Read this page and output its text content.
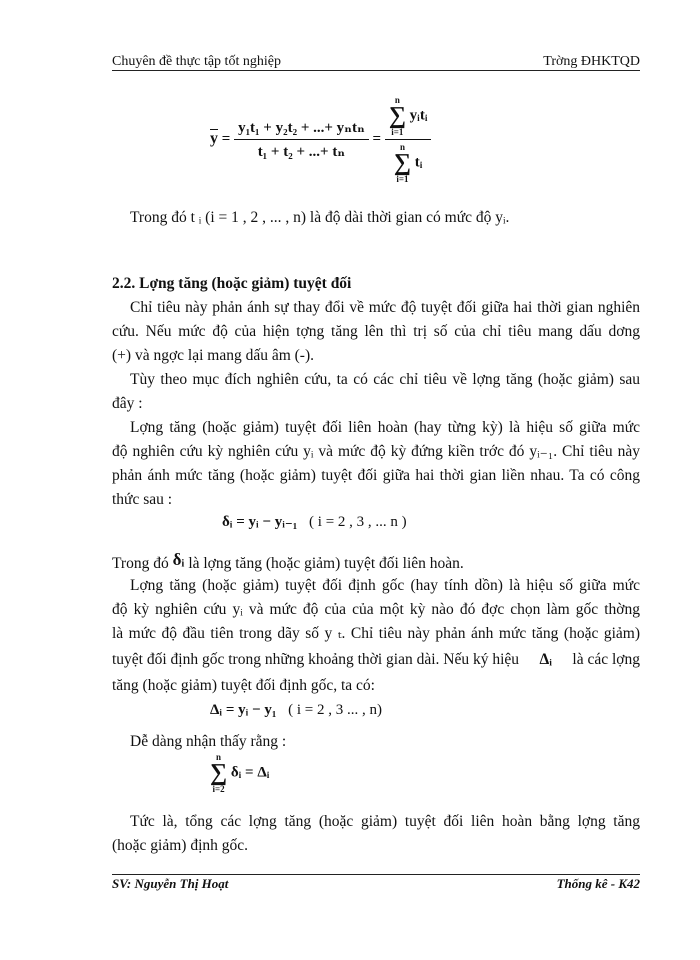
Chuyên đề thực tập tốt nghiệp	Trờng ĐHKTQD
$\overline{y} = \frac{\text{y₁t₁ + y₂t₂ + ...+ yₙtₙ}}{\text{t₁ + t₂ + ...+ tₙ}} = n$
∑
i=1
yᵢtᵢ
n
∑
i=1
tᵢ
Trong đó t ᵢ (i = 1 , 2 , ... , n) là độ dài thời gian có mức độ yᵢ.
2.2. Lợng tăng (hoặc giảm) tuyệt đối
Chỉ tiêu này phản ánh sự thay đổi về mức độ tuyệt đối giữa hai thời gian nghiên
cứu. Nếu mức độ của hiện tợng tăng lên thì trị số của chỉ tiêu mang dấu dơng
(+) và ngợc lại mang dấu âm (-).
Tùy theo mục đích nghiên cứu, ta có các chỉ tiêu về lợng tăng (hoặc giảm) sau
đây :
Lợng tăng (hoặc giảm) tuyệt đối liên hoàn (hay từng kỳ) là hiệu số giữa mức
độ nghiên cứu kỳ nghiên cứu yᵢ và mức độ kỳ đứng kiền trớc đó yᵢ₋₁. Chỉ tiêu này
phản ánh mức tăng (hoặc giảm) tuyệt đối giữa hai thời gian liền nhau. Ta có công
thức sau :
δᵢ = yᵢ − yᵢ₋₁ ( i = 2 , 3 , ... n )
Trong đó δᵢ là lợng tăng (hoặc giảm) tuyệt đối liên hoàn.
Lợng tăng (hoặc giảm) tuyệt đối định gốc (hay tính dồn) là hiệu số giữa mức
độ kỳ nghiên cứu yᵢ và mức độ của của một kỳ nào đó đợc chọn làm gốc thờng
là mức độ đầu tiên trong dãy số y ₜ. Chỉ tiêu này phản ánh mức tăng (hoặc giảm)
tuyệt đối định gốc trong những khoảng thời gian dài. Nếu ký hiệu Δᵢ là các lợng
tăng (hoặc giảm) tuyệt đối định gốc, ta có:
Δᵢ = yᵢ − y₁ ( i = 2 , 3 ... , n)
Dễ dàng nhận thấy rằng :
n
∑
i=2
δᵢ = Δᵢ
Tức là, tổng các lợng tăng (hoặc giảm) tuyệt đối liên hoàn bằng lợng tăng
(hoặc giảm) định gốc.
SV: Nguyễn Thị Hoạt	Thống kê - K42
